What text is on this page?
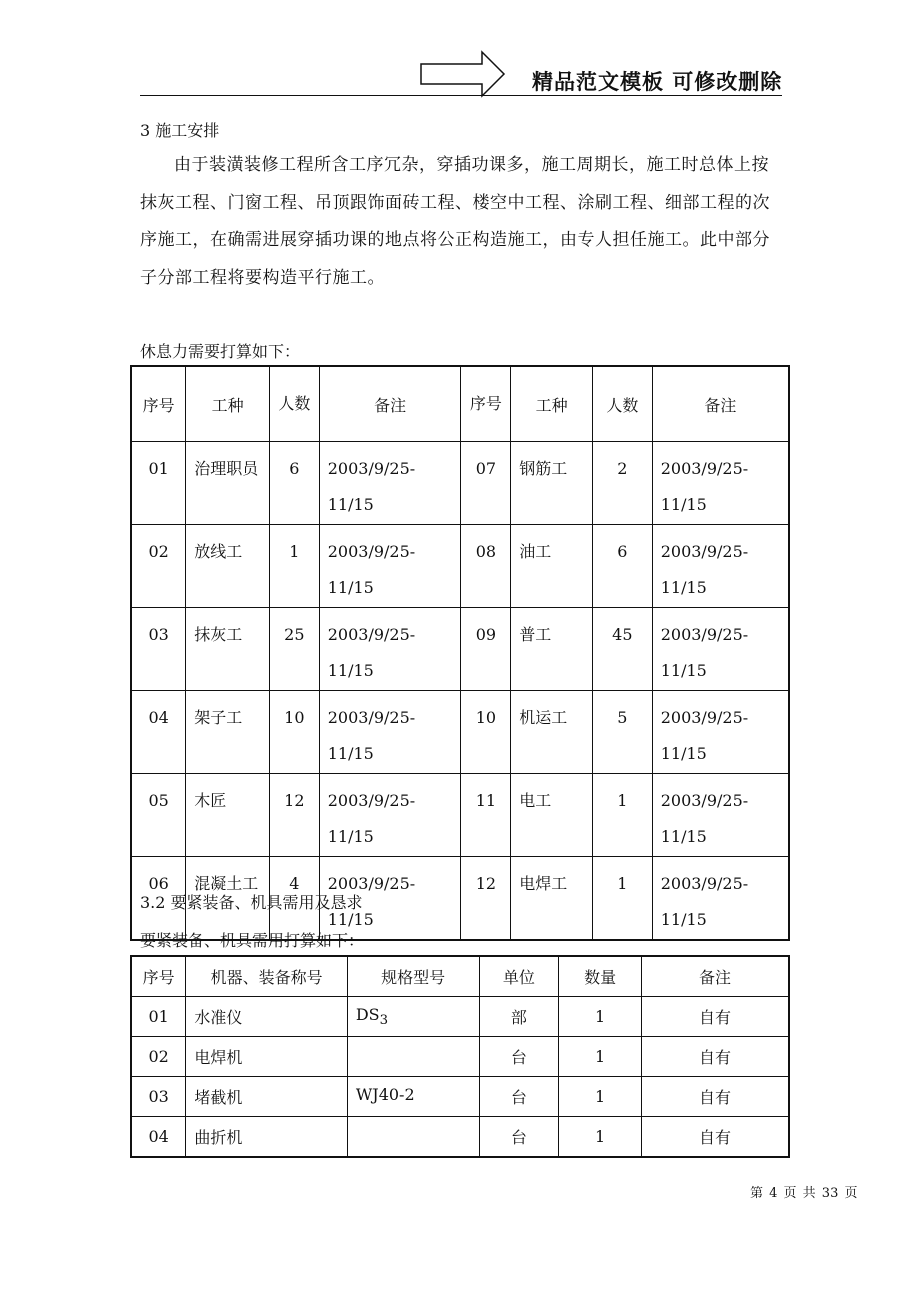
精品范文模板 可修改删除
3 施工安排

由于装潢装修工程所含工序冗杂，穿插功课多，施工周期长，施工时总体上按抹灰工程、门窗工程、吊顶跟饰面砖工程、楼空中工程、涂刷工程、细部工程的次序施工，在确需进展穿插功课的地点将公正构造施工，由专人担任施工。此中部分子分部工程将要构造平行施工。

休息力需要打算如下：
序号	工种	人数	备注	序号	工种	人数	备注
01	治理职员	6	2003/9/25-11/15	07	钢筋工	2	2003/9/25-11/15
02	放线工	1	2003/9/25-11/15	08	油工	6	2003/9/25-11/15
03	抹灰工	25	2003/9/25-11/15	09	普工	45	2003/9/25-11/15
04	架子工	10	2003/9/25-11/15	10	机运工	5	2003/9/25-11/15
05	木匠	12	2003/9/25-11/15	11	电工	1	2003/9/25-11/15
06	混凝土工	4	2003/9/25-11/15	12	电焊工	1	2003/9/25-11/15
3.2 要紧装备、机具需用及恳求
要紧装备、机具需用打算如下：
序号	机器、装备称号	规格型号	单位	数量	备注
01	水准仪	$DS_3$	部	1	自有
02	电焊机		台	1	自有
03	堵截机	WJ40-2	台	1	自有
04	曲折机		台	1	自有
第 4 页 共 33 页
